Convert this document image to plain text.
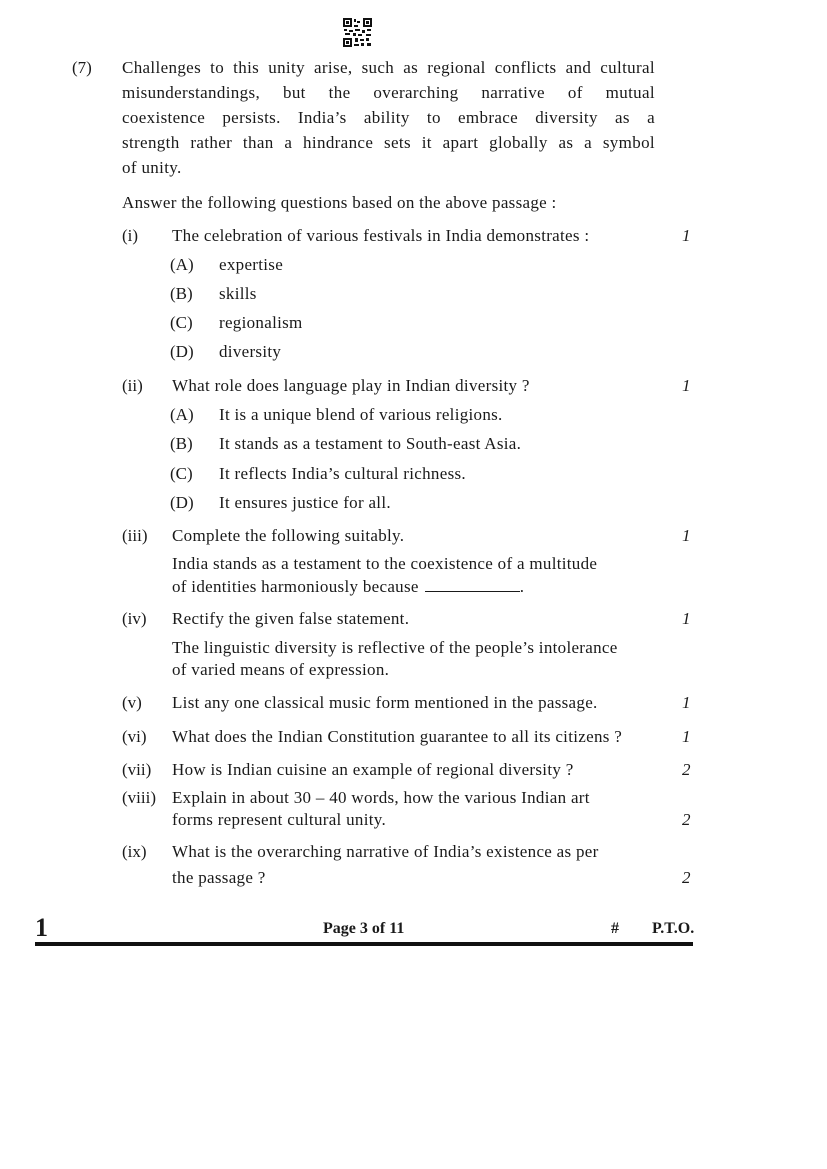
(7) Challenges to this unity arise, such as regional conflicts and cultural
misunderstandings, but the overarching narrative of mutual
coexistence persists. India’s ability to embrace diversity as a
strength rather than a hindrance sets it apart globally as a symbol
of unity.
Answer the following questions based on the above passage :
(i) The celebration of various festivals in India demonstrates :	1
(A) expertise
(B) skills
(C) regionalism
(D) diversity
(ii) What role does language play in Indian diversity ?	1
(A) It is a unique blend of various religions.
(B) It stands as a testament to South-east Asia.
(C) It reflects India’s cultural richness.
(D) It ensures justice for all.
(iii) Complete the following suitably.
India stands as a testament to the coexistence of a multitude
of identities harmoniously because	.
1
(iv) Rectify the given false statement.
The linguistic diversity is reflective of the people’s intolerance
of varied means of expression.
1
(v) List any one classical music form mentioned in the passage.	1
(vi) What does the Indian Constitution guarantee to all its citizens ?	1
(vii) How is Indian cuisine an example of regional diversity ?	2
(viii) Explain in about 30 – 40 words, how the various Indian art
forms represent cultural unity.	2
(ix) What is the overarching narrative of India’s existence as per
the passage ?	2
1	Page 3 of 11	# P.T.O.
